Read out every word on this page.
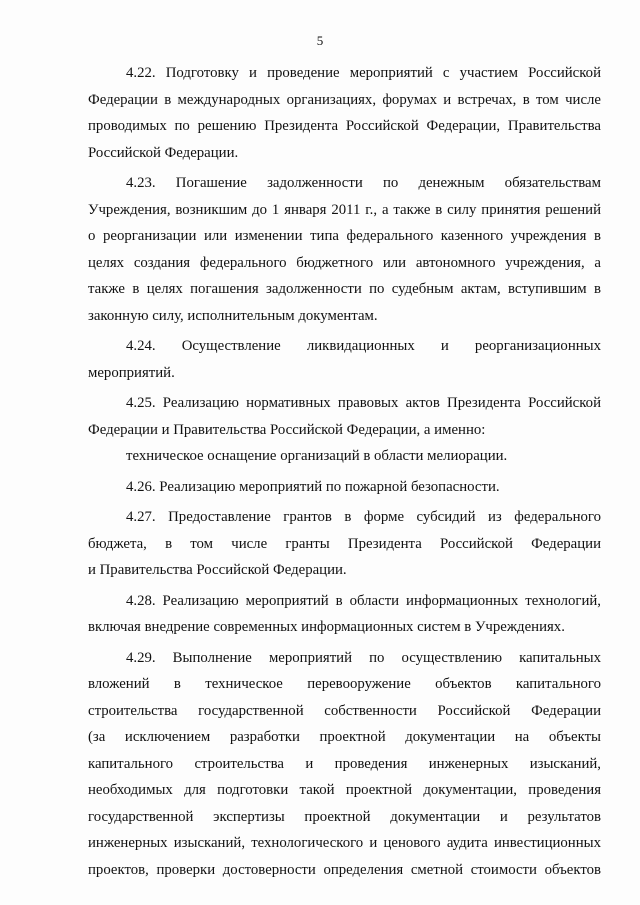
5
4.22. Подготовку и проведение мероприятий с участием Российской
Федерации в международных организациях, форумах и встречах, в том числе
проводимых по решению Президента Российской Федерации, Правительства
Российской Федерации.
4.23. Погашение задолженности по денежным обязательствам
Учреждения, возникшим до 1 января 2011 г., а также в силу принятия решений
о реорганизации или изменении типа федерального казенного учреждения в
целях создания федерального бюджетного или автономного учреждения, а
также в целях погашения задолженности по судебным актам, вступившим в
законную силу, исполнительным документам.
4.24. Осуществление ликвидационных и реорганизационных
мероприятий.
4.25. Реализацию нормативных правовых актов Президента Российской
Федерации и Правительства Российской Федерации, а именно:
техническое оснащение организаций в области мелиорации.
4.26. Реализацию мероприятий по пожарной безопасности.
4.27. Предоставление грантов в форме субсидий из федерального
бюджета, в том числе гранты Президента Российской Федерации
и Правительства Российской Федерации.
4.28. Реализацию мероприятий в области информационных технологий,
включая внедрение современных информационных систем в Учреждениях.
4.29. Выполнение мероприятий по осуществлению капитальных
вложений в техническое перевооружение объектов капитального
строительства государственной собственности Российской Федерации
(за исключением разработки проектной документации на объекты
капитального строительства и проведения инженерных изысканий,
необходимых для подготовки такой проектной документации, проведения
государственной экспертизы проектной документации и результатов
инженерных изысканий, технологического и ценового аудита инвестиционных
проектов, проверки достоверности определения сметной стоимости объектов
